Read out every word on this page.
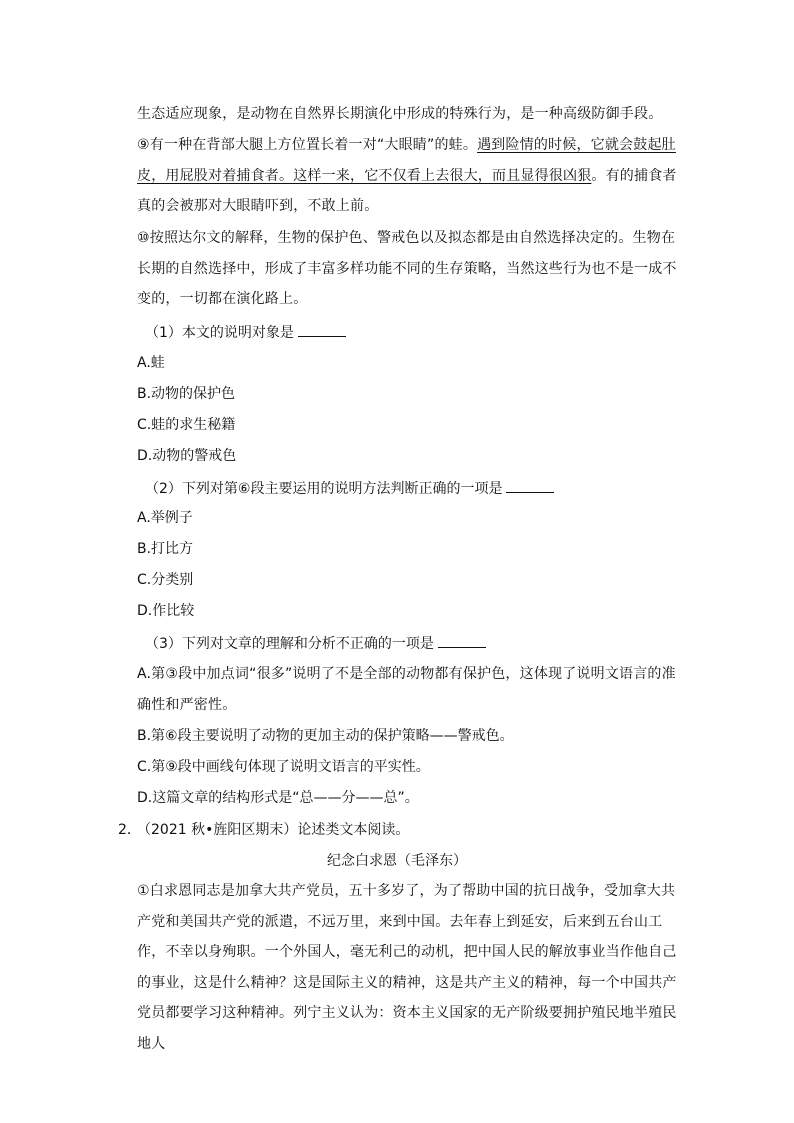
生态适应现象，是动物在自然界长期演化中形成的特殊行为，是一种高级防御手段。

⑨有一种在背部大腿上方位置长着一对“大眼睛”的蛙。遇到险情的时候，它就会鼓起肚皮，用屁股对着捕食者。这样一来，它不仅看上去很大，而且显得很凶狠。有的捕食者真的会被那对大眼睛吓到，不敢上前。

⑩按照达尔文的解释，生物的保护色、警戒色以及拟态都是由自然选择决定的。生物在长期的自然选择中，形成了丰富多样功能不同的生存策略，当然这些行为也不是一成不变的，一切都在演化路上。

（1）本文的说明对象是

A.蛙

B.动物的保护色

C.蛙的求生秘籍

D.动物的警戒色

（2）下列对第⑥段主要运用的说明方法判断正确的一项是

A.举例子

B.打比方

C.分类别

D.作比较

（3）下列对文章的理解和分析不正确的一项是

A.第③段中加点词“很多”说明了不是全部的动物都有保护色，这体现了说明文语言的准确性和严密性。

B.第⑥段主要说明了动物的更加主动的保护策略——警戒色。

C.第⑨段中画线句体现了说明文语言的平实性。

D.这篇文章的结构形式是“总——分——总”。

2．

（2021 秋•旌阳区期末）论述类文本阅读。

纪念白求恩（毛泽东）

①白求恩同志是加拿大共产党员，五十多岁了，为了帮助中国的抗日战争，受加拿大共产党和美国共产党的派遣，不远万里，来到中国。去年春上到延安，后来到五台山工作，不幸以身殉职。一个外国人，毫无利己的动机，把中国人民的解放事业当作他自己的事业，这是什么精神？这是国际主义的精神，这是共产主义的精神，每一个中国共产党员都要学习这种精神。列宁主义认为：资本主义国家的无产阶级要拥护殖民地半殖民地人
